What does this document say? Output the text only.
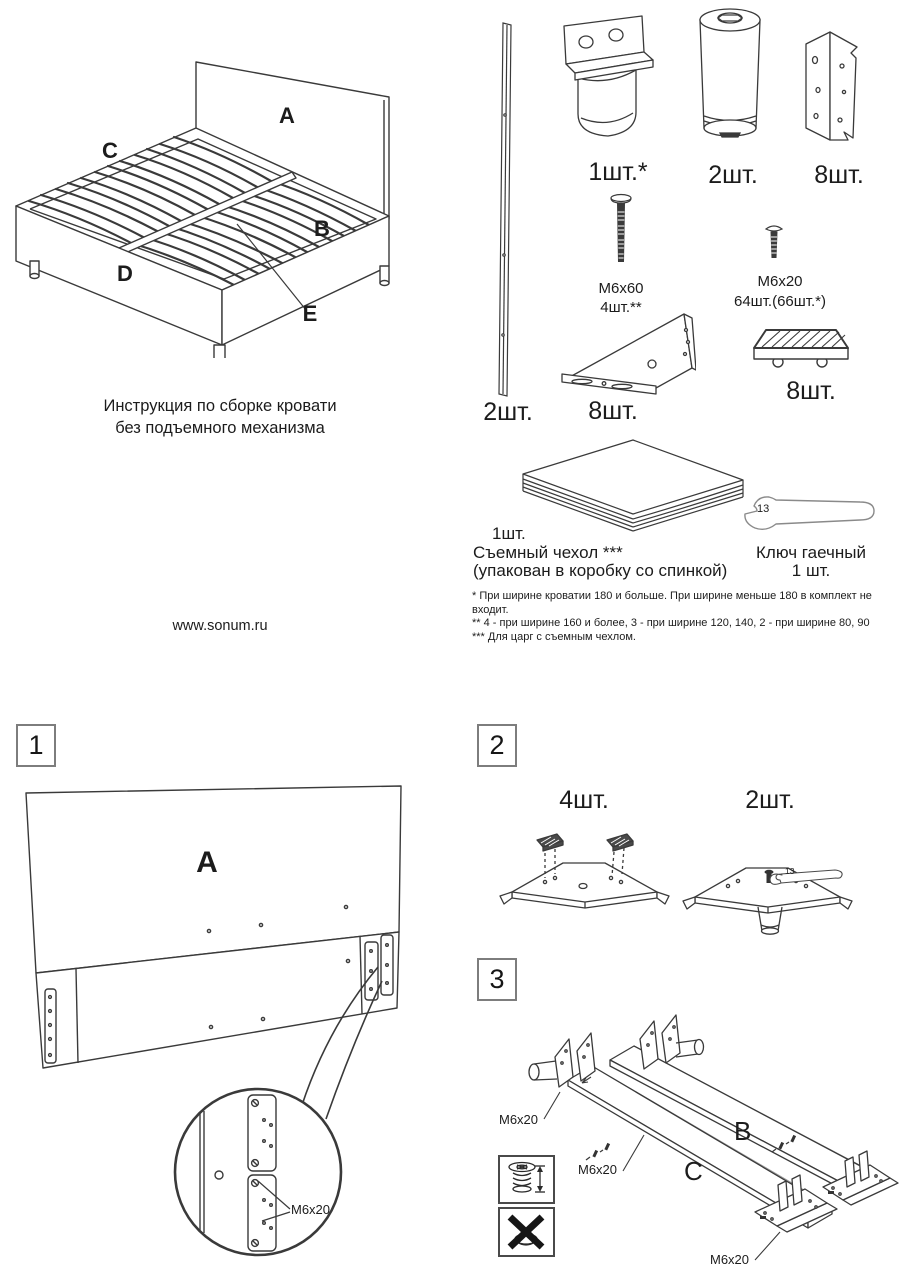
A
C
B
D
E
Инструкция по сборке кровати
без подъемного механизма
www.sonum.ru
2шт.
1шт.*	2шт.	8шт.
M6x60
4шт.**
M6x20
64шт.(66шт.*)
8шт.
8шт.
1шт.
Съемный чехол ***
(упакован в коробку со спинкой)
13
Ключ гаечный
1 шт.
* При ширине кроватии 180 и больше. При ширине меньше 180 в комплект не входит.
** 4 - при ширине 160 и более, 3 - при ширине 120, 140, 2 - при ширине 80, 90
*** Для царг с съемным чехлом.
1
A
M6x20
2
4шт.	2шт.
13
3
B
C
M6x20
M6x20
M6x20
